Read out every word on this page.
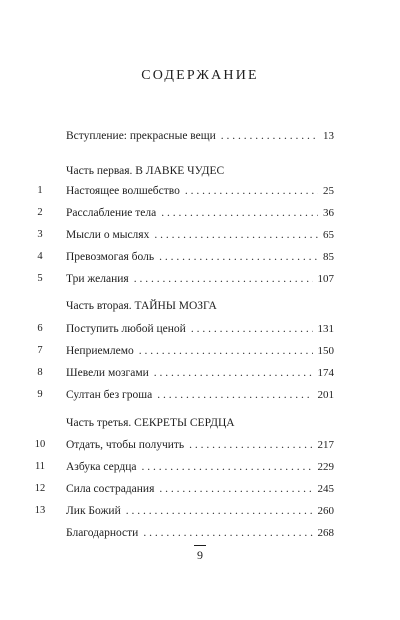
СОДЕРЖАНИЕ
Вступление: прекрасные вещи . . .	13
Часть первая. В ЛАВКЕ ЧУДЕС
1	Настоящее волшебство . . .	25
2	Расслабление тела . . .	36
3	Мысли о мыслях . . .	65
4	Превозмогая боль . . .	85
5	Три желания . . .	107
Часть вторая. ТАЙНЫ МОЗГА
6	Поступить любой ценой . . .	131
7	Неприемлемо . . .	150
8	Шевели мозгами . . .	174
9	Султан без гроша . . .	201
Часть третья. СЕКРЕТЫ СЕРДЦА
10	Отдать, чтобы получить . . .	217
11	Азбука сердца . . .	229
12	Сила сострадания . . .	245
13	Лик Божий . . .	260
Благодарности . . .	268
9
